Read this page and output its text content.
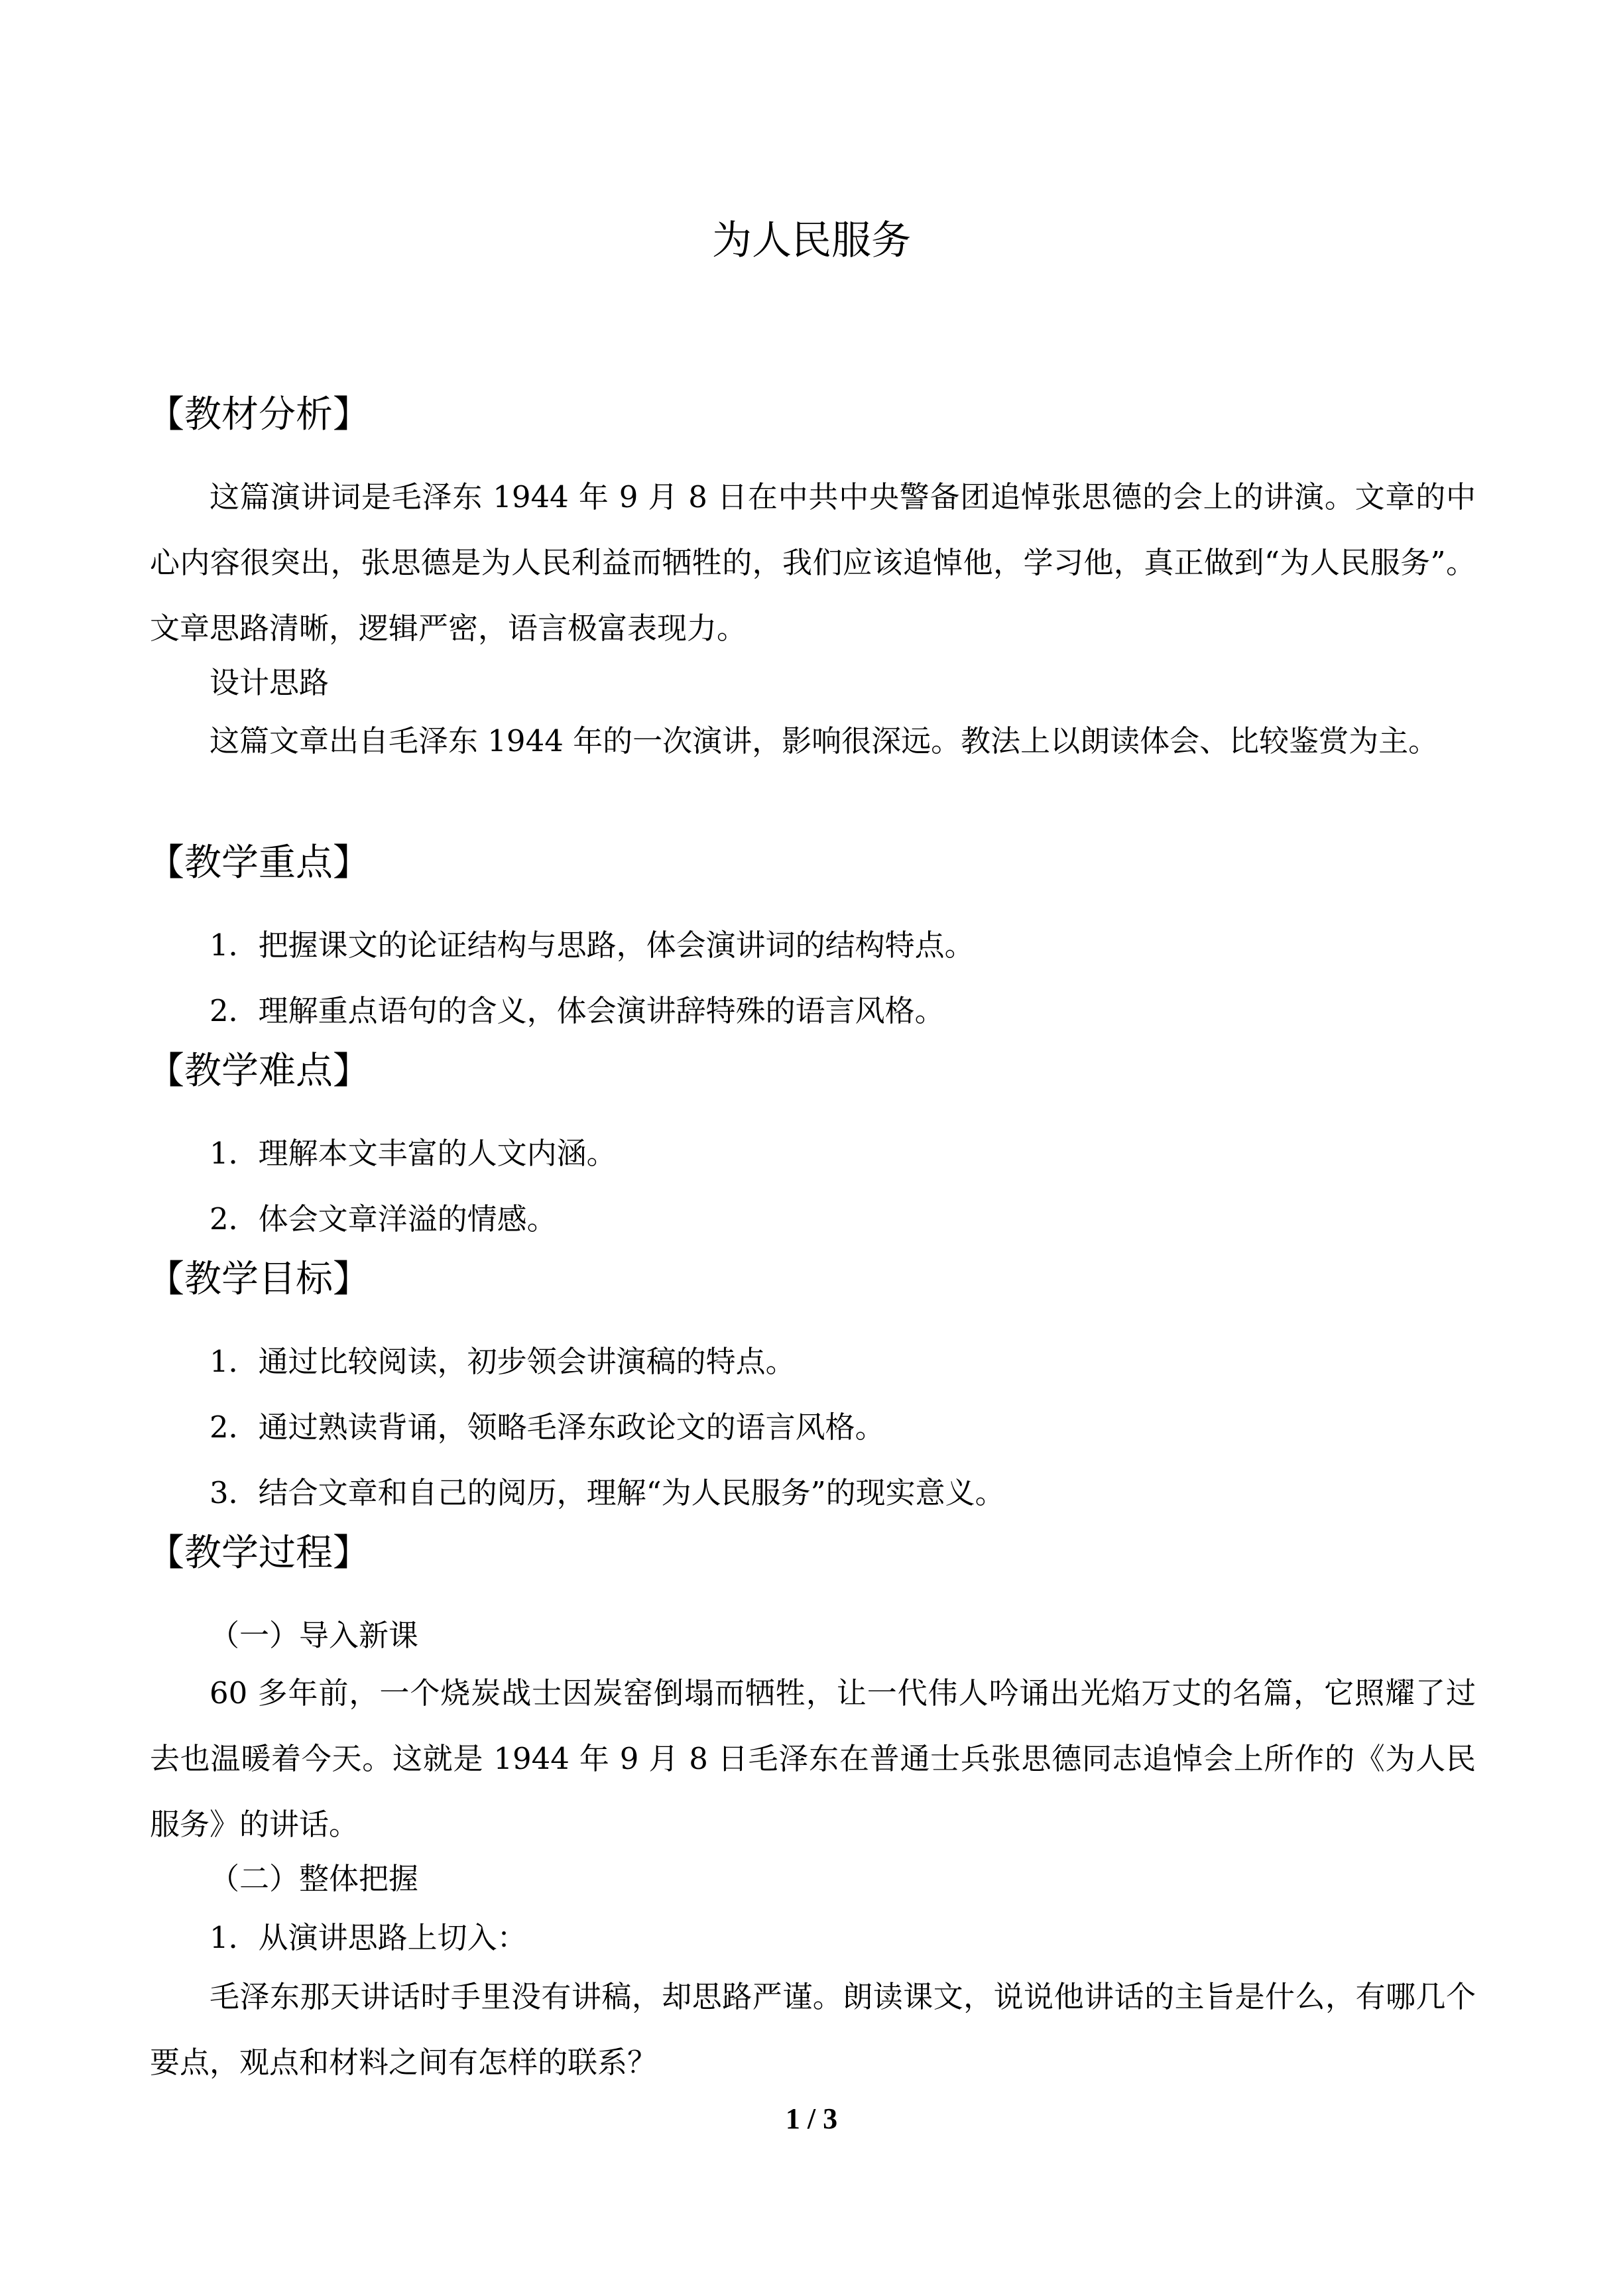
为人民服务
【教材分析】
这篇演讲词是毛泽东 1944 年 9 月 8 日在中共中央警备团追悼张思德的会上的讲演。文章的中心内容很突出，张思德是为人民利益而牺牲的，我们应该追悼他，学习他，真正做到“为人民服务”。文章思路清晰，逻辑严密，语言极富表现力。
设计思路
这篇文章出自毛泽东 1944 年的一次演讲，影响很深远。教法上以朗读体会、比较鉴赏为主。
【教学重点】
1．把握课文的论证结构与思路，体会演讲词的结构特点。
2．理解重点语句的含义，体会演讲辞特殊的语言风格。
【教学难点】
1．理解本文丰富的人文内涵。
2．体会文章洋溢的情感。
【教学目标】
1．通过比较阅读，初步领会讲演稿的特点。
2．通过熟读背诵，领略毛泽东政论文的语言风格。
3．结合文章和自己的阅历，理解“为人民服务”的现实意义。
【教学过程】
（一）导入新课
60 多年前，一个烧炭战士因炭窑倒塌而牺牲，让一代伟人吟诵出光焰万丈的名篇，它照耀了过去也温暖着今天。这就是 1944 年 9 月 8 日毛泽东在普通士兵张思德同志追悼会上所作的《为人民服务》的讲话。
（二）整体把握
1．从演讲思路上切入：
毛泽东那天讲话时手里没有讲稿，却思路严谨。朗读课文，说说他讲话的主旨是什么，有哪几个要点，观点和材料之间有怎样的联系？
1 / 3
